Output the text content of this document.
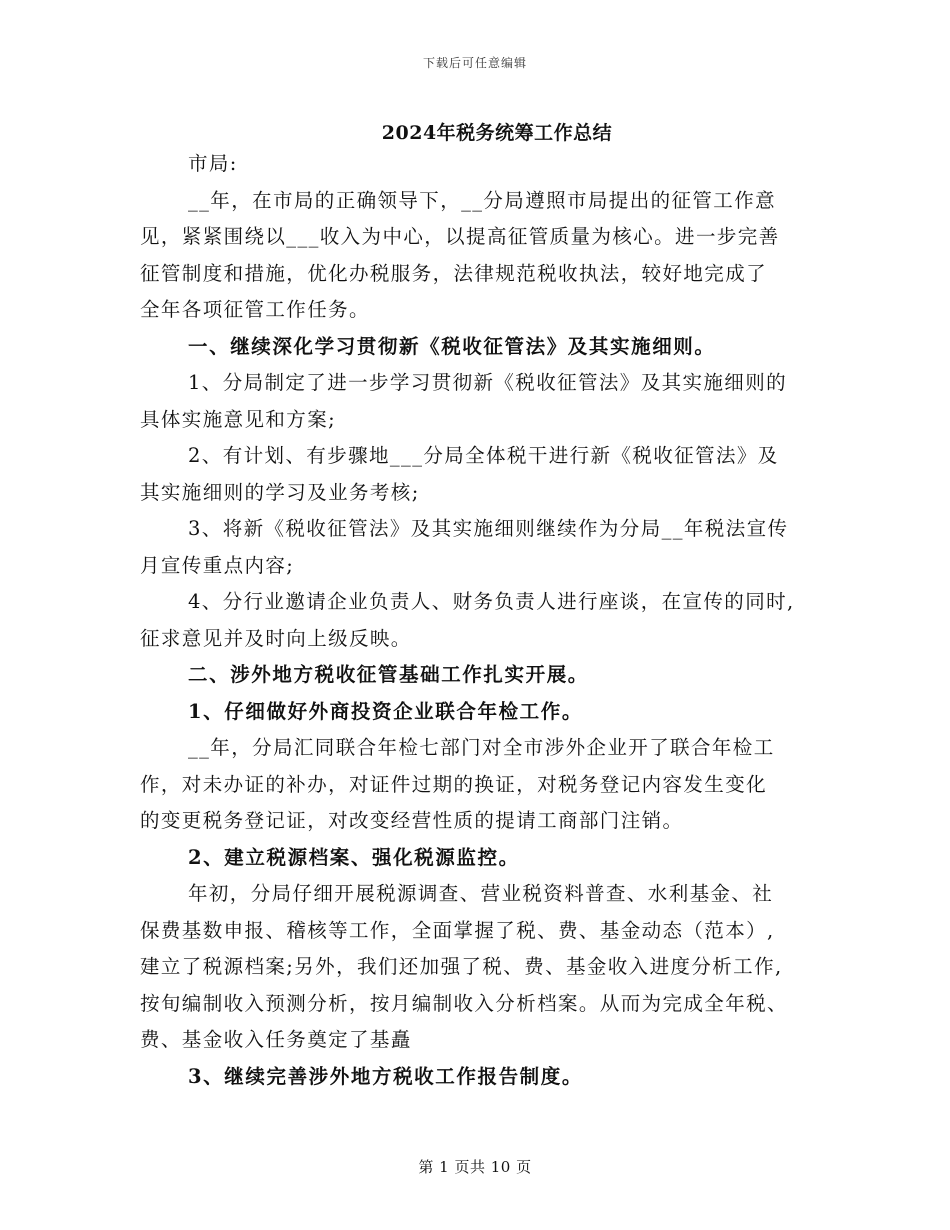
下载后可任意编辑
2024年税务统筹工作总结

市局:

__年，在市局的正确领导下，__分局遵照市局提出的征管工作意

见，紧紧围绕以___收入为中心，以提高征管质量为核心。进一步完善

征管制度和措施，优化办税服务，法律规范税收执法，较好地完成了

全年各项征管工作任务。

一、继续深化学习贯彻新《税收征管法》及其实施细则。

1、分局制定了进一步学习贯彻新《税收征管法》及其实施细则的

具体实施意见和方案;

2、有计划、有步骤地___分局全体税干进行新《税收征管法》及

其实施细则的学习及业务考核;

3、将新《税收征管法》及其实施细则继续作为分局__年税法宣传

月宣传重点内容;

4、分行业邀请企业负责人、财务负责人进行座谈，在宣传的同时,

征求意见并及时向上级反映。

二、涉外地方税收征管基础工作扎实开展。

1、仔细做好外商投资企业联合年检工作。

__年，分局汇同联合年检七部门对全市涉外企业开了联合年检工

作，对未办证的补办，对证件过期的换证，对税务登记内容发生变化

的变更税务登记证，对改变经营性质的提请工商部门注销。

2、建立税源档案、强化税源监控。

年初，分局仔细开展税源调查、营业税资料普查、水利基金、社

保费基数申报、稽核等工作，全面掌握了税、费、基金动态（范本）,

建立了税源档案;另外，我们还加强了税、费、基金收入进度分析工作,

按旬编制收入预测分析，按月编制收入分析档案。从而为完成全年税、

费、基金收入任务奠定了基矗

3、继续完善涉外地方税收工作报告制度。

第 1 页共 10 页
